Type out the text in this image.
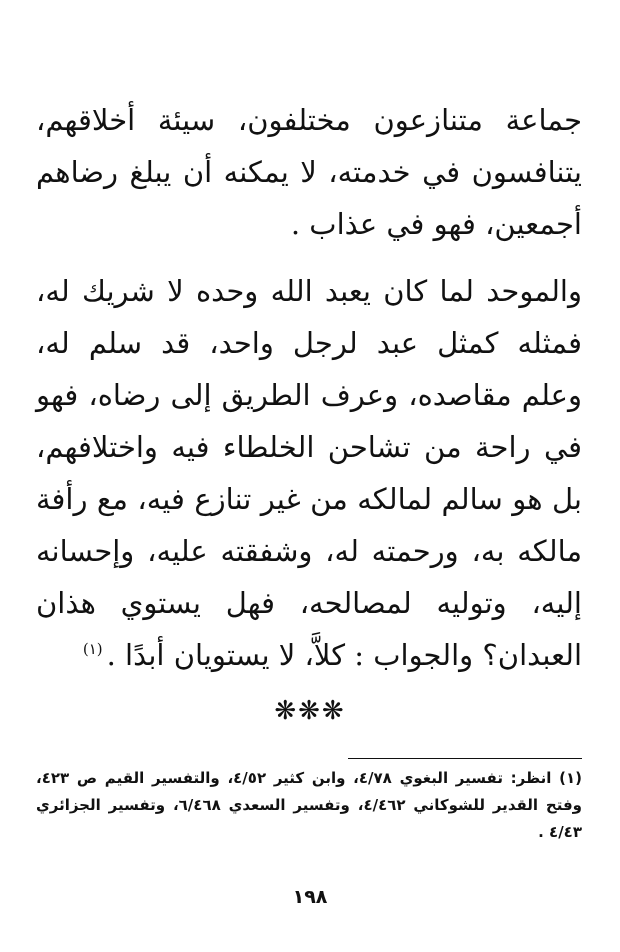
جماعة متنازعون مختلفون، سيئة أخلاقهم، يتنافسون في خدمته، لا يمكنه أن يبلغ رضاهم أجمعين، فهو في عذاب .

والموحد لما كان يعبد الله وحده لا شريك له، فمثله كمثل عبد لرجل واحد، قد سلم له، وعلم مقاصده، وعرف الطريق إلى رضاه، فهو في راحة من تشاحن الخلطاء فيه واختلافهم، بل هو سالم لمالكه من غير تنازع فيه، مع رأفة مالكه به، ورحمته له، وشفقته عليه، وإحسانه إليه، وتوليه لمصالحه، فهل يستوي هذان العبدان؟ والجواب : كلاَّ، لا يستويان أبدًا .$^{(١)}$

❋❋❋

(١) انظر: تفسير البغوي ٤/٧٨، وابن كثير ٤/٥٢، والتفسير القيم ص ٤٢٣، وفتح القدير للشوكاني ٤/٤٦٢، وتفسير السعدي ٦/٤٦٨، وتفسير الجزائري ٤/٤٣ .

١٩٨
